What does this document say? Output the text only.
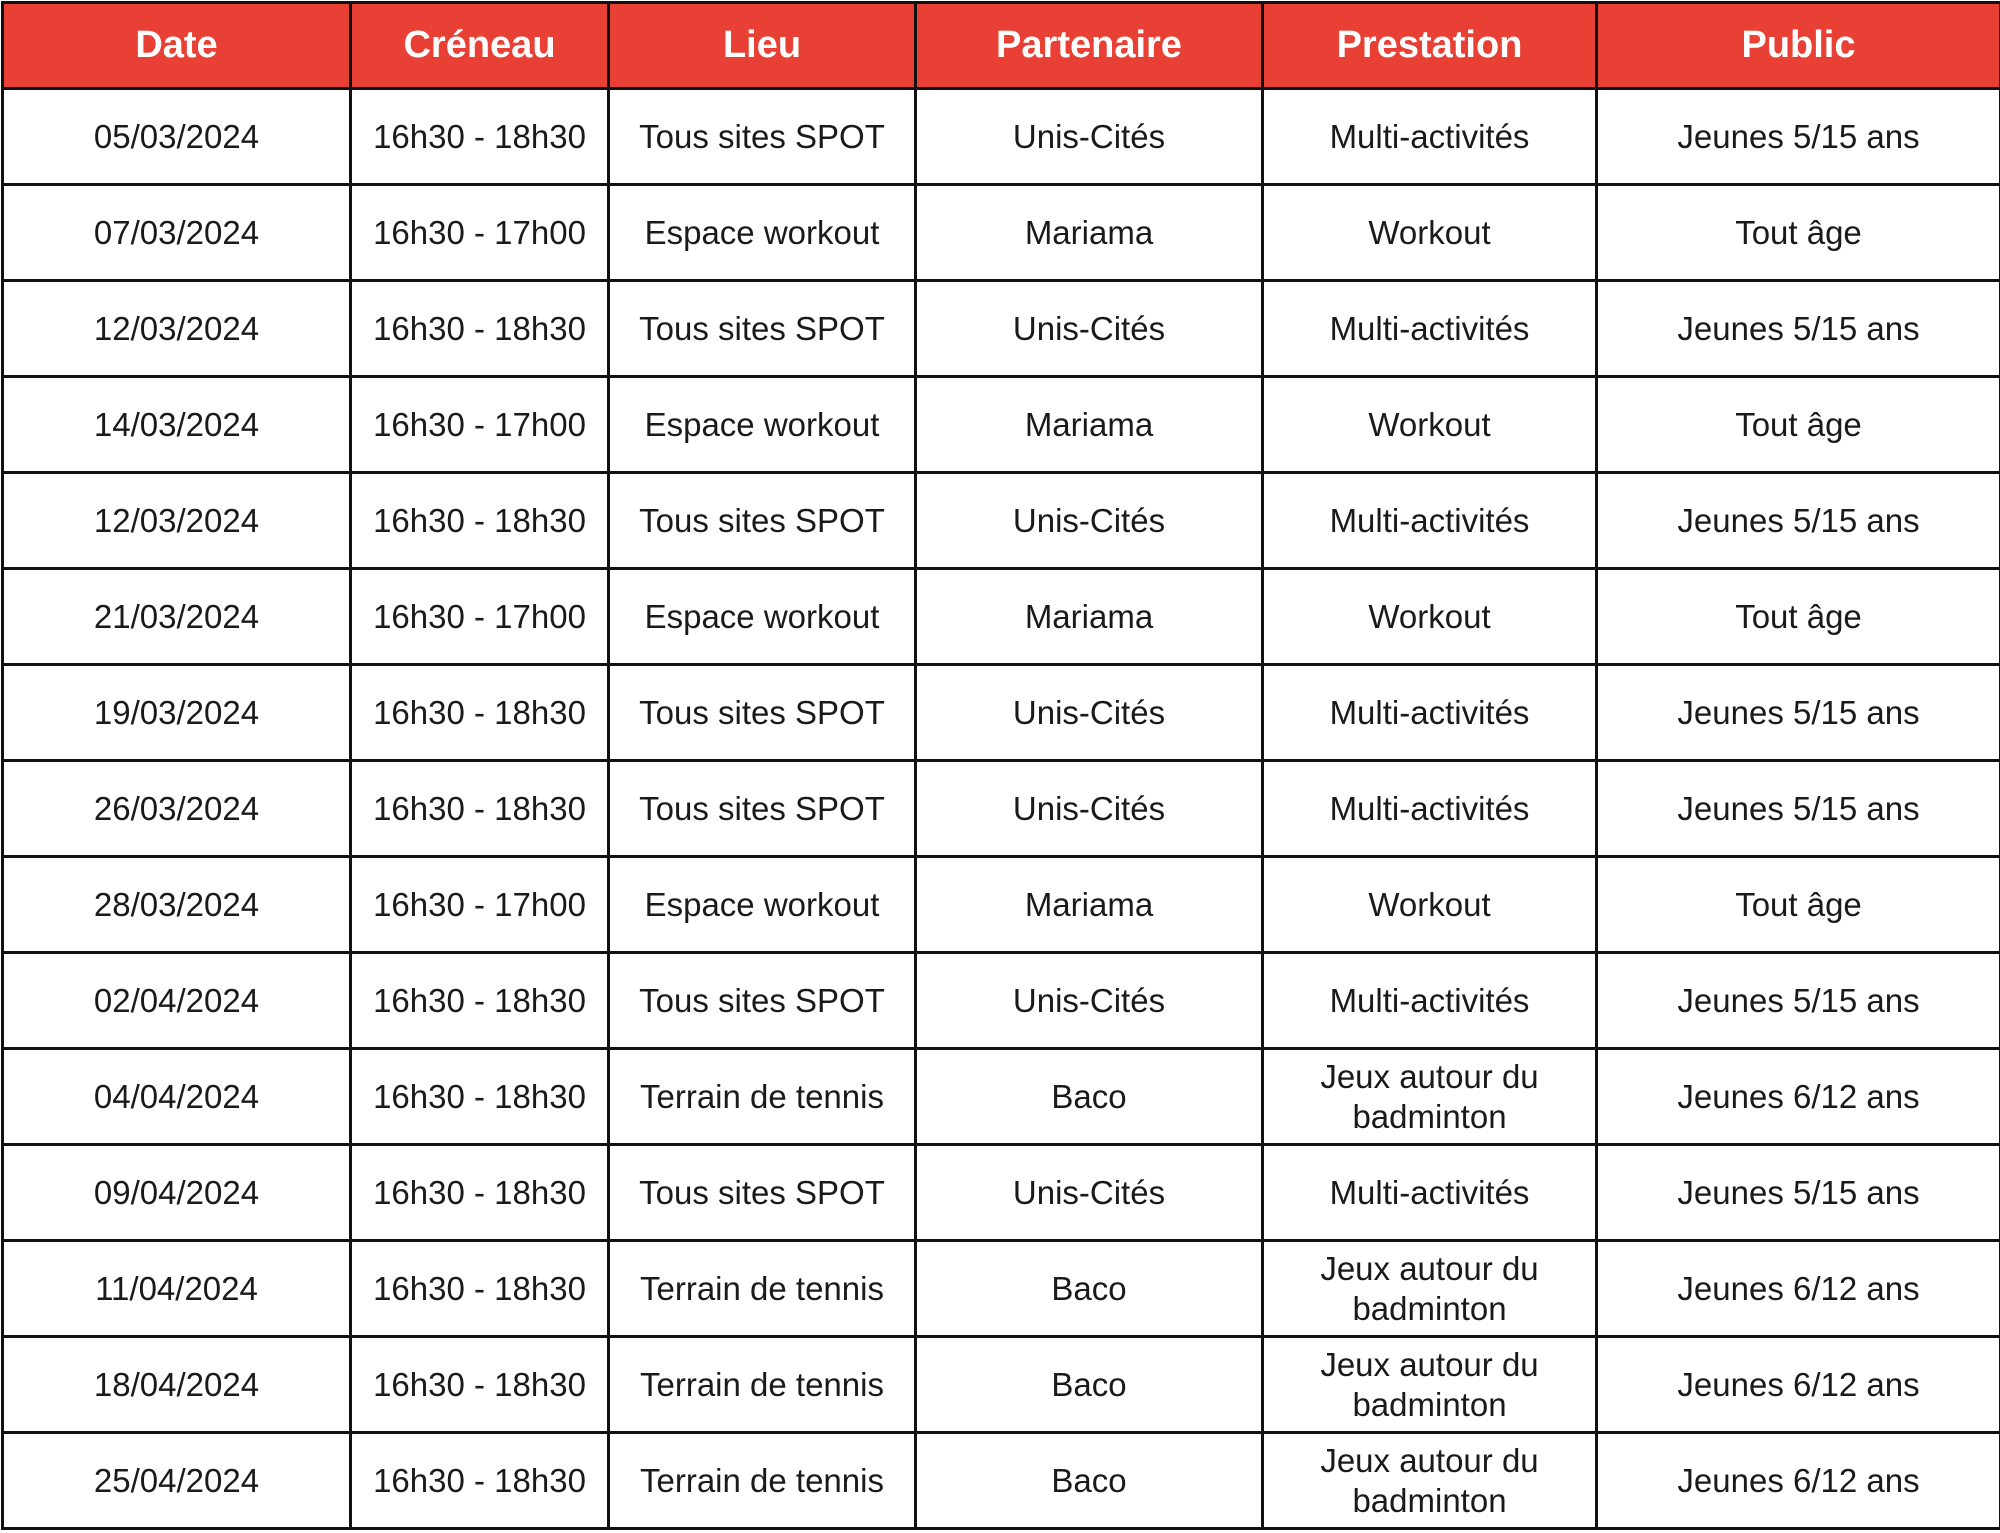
Date	Créneau	Lieu	Partenaire	Prestation	Public
05/03/2024	16h30 - 18h30	Tous sites SPOT	Unis-Cités	Multi-activités	Jeunes 5/15 ans
07/03/2024	16h30 - 17h00	Espace workout	Mariama	Workout	Tout âge
12/03/2024	16h30 - 18h30	Tous sites SPOT	Unis-Cités	Multi-activités	Jeunes 5/15 ans
14/03/2024	16h30 - 17h00	Espace workout	Mariama	Workout	Tout âge
12/03/2024	16h30 - 18h30	Tous sites SPOT	Unis-Cités	Multi-activités	Jeunes 5/15 ans
21/03/2024	16h30 - 17h00	Espace workout	Mariama	Workout	Tout âge
19/03/2024	16h30 - 18h30	Tous sites SPOT	Unis-Cités	Multi-activités	Jeunes 5/15 ans
26/03/2024	16h30 - 18h30	Tous sites SPOT	Unis-Cités	Multi-activités	Jeunes 5/15 ans
28/03/2024	16h30 - 17h00	Espace workout	Mariama	Workout	Tout âge
02/04/2024	16h30 - 18h30	Tous sites SPOT	Unis-Cités	Multi-activités	Jeunes 5/15 ans
04/04/2024	16h30 - 18h30	Terrain de tennis	Baco	Jeux autour du badminton	Jeunes 6/12 ans
09/04/2024	16h30 - 18h30	Tous sites SPOT	Unis-Cités	Multi-activités	Jeunes 5/15 ans
11/04/2024	16h30 - 18h30	Terrain de tennis	Baco	Jeux autour du badminton	Jeunes 6/12 ans
18/04/2024	16h30 - 18h30	Terrain de tennis	Baco	Jeux autour du badminton	Jeunes 6/12 ans
25/04/2024	16h30 - 18h30	Terrain de tennis	Baco	Jeux autour du badminton	Jeunes 6/12 ans
